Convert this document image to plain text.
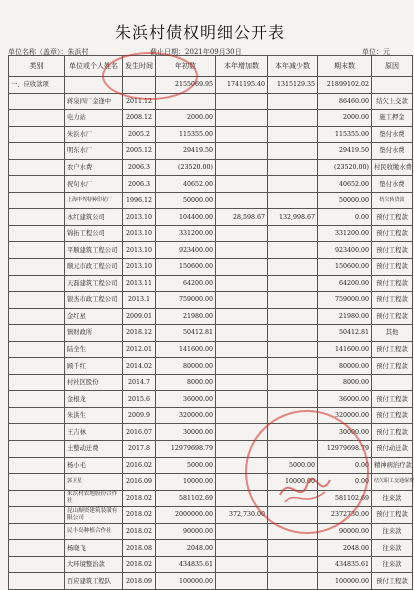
朱浜村债权明细公开表
单位名称（盖章）：朱浜村	截止日期：2021年09月30日	单位：元
类别	单位或个人姓名	发生时间	年初数	本年增加数	本年减少数	期末数	原因
一、应收款项			2155069.95	1741195.40	1315129.35	21899102.02	
	蒋泉四厂金逢中	2011.12				86460.00	结欠上交款
	电力站	2008.12	2000.00			2000.00	施工押金
	朱浜水厂	2005.2	115355.00			115355.00	垫付水费
	明东水厂	2005.12	29419.50			29419.50	垫付水费
	农户水费	2006.3	(23520.00)			(23520.00)	村民收缴水费
	祝旬水厂	2006.3	40652.00			40652.00	垫付水费
	上海申驾特种印花厂	1996.12	50000.00			50000.00	结欠转贷款
	永红建筑公司	2013.10	104400.00	28,598.67	132,998.67	0.00	预付工程款
	锦拓工程公司	2013.10	331200.00			331200.00	预付工程款
	平顺建筑工程公司	2013.10	923400.00			923400.00	预付工程款
	顺元市政工程公司	2013.10	150600.00			150600.00	预付工程款
	天磊建筑工程公司	2013.11	64200.00			64200.00	预付工程款
	银杰市政工程公司	2013.1	759000.00			759000.00	预付工程款
	金红星	2009.01	21980.00			21980.00	预付工程款
	镇财政所	2018.12	50412.81			50412.81	其他
	陆全生	2012.01	141600.00			141600.00	预付工程款
	顾千红	2014.02	80000.00			80000.00	预付工程款
	村社区股份	2014.7	8000.00			8000.00	
	金根龙	2015.6	36000.00			36000.00	预付工程款
	朱洪生	2009.9	320000.00			320000.00	预付工程款
	王吉林	2016.07	30000.00			30000.00	预付工程款
	土整动迁费	2017.8	12979698.79			12979698.79	预付动迁款
	杨小毛	2016.02	5000.00		5000.00	0.00	精神病治疗款
	郭卫星	2016.09	10000.00		10000.00	0.00	结欠职工交通保费
	朱浜村农地股份合作社	2018.02	581102.69			581102.69	往来款
	昆山顺资建筑装潢有限公司	2018.02	2000000.00	372,730.00		2372730.00	预付工程款
	民丰岛种植合作社	2018.02	90000.00			90000.00	往来款
	杨晓飞	2018.08	2048.00			2048.00	往来款
	大环境整治款	2018.02	434835.61			434835.61	往来款
	百应建筑工程队	2018.09	100000.00			100000.00	预付工程款
